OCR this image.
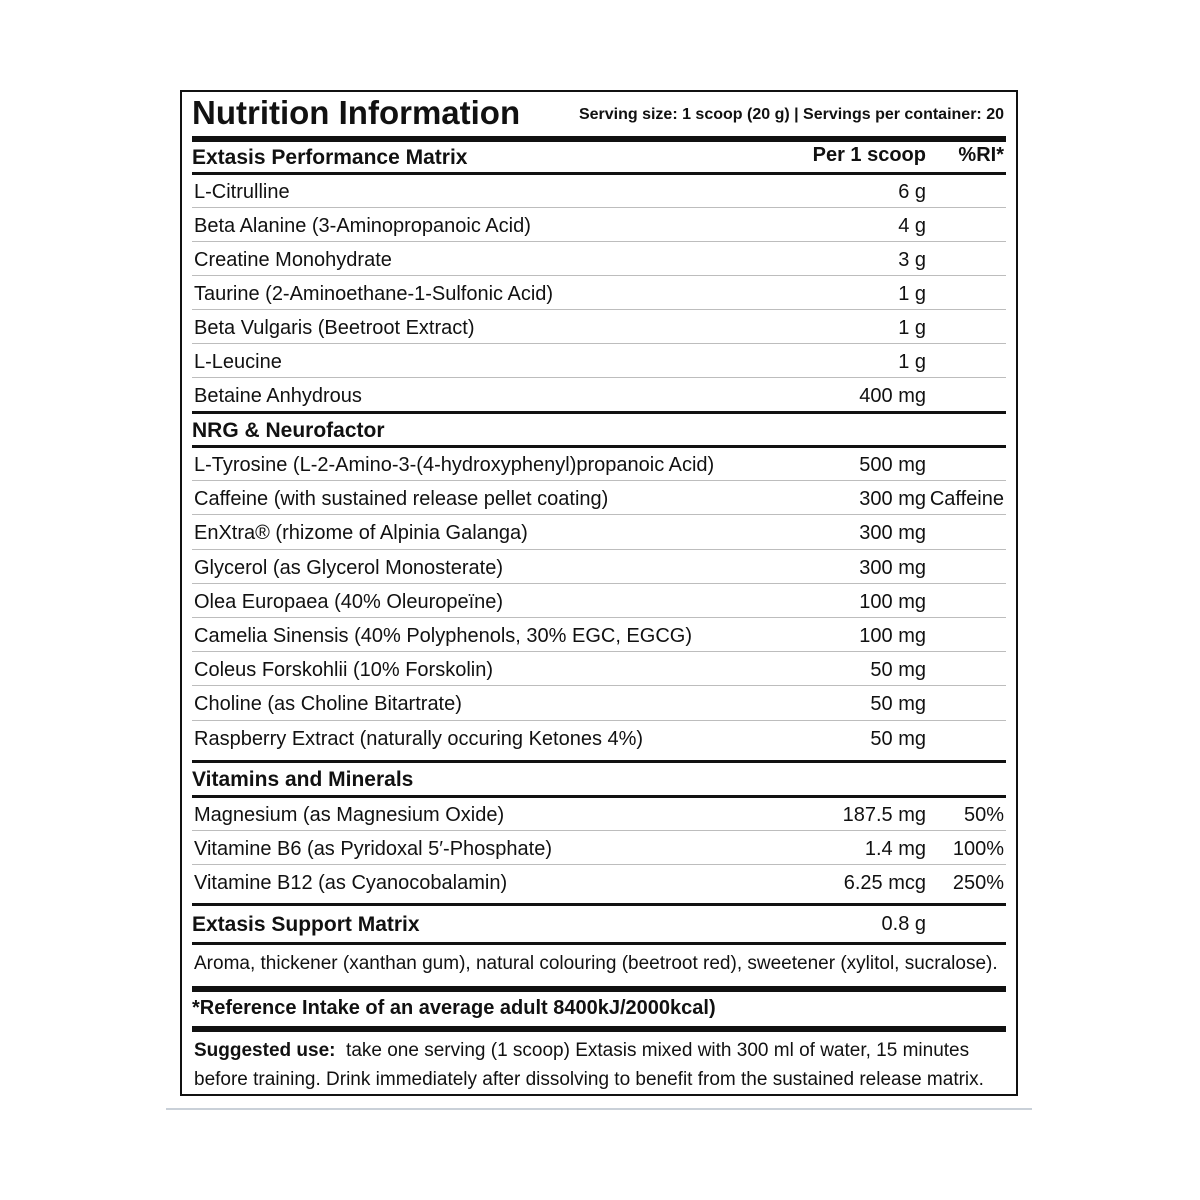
Nutrition Information	Serving size: 1 scoop (20 g) | Servings per container: 20
Extasis Performance Matrix	Per 1 scoop %RI*
L-Citrulline	6 g
Beta Alanine (3-Aminopropanoic Acid)	4 g
Creatine Monohydrate	3 g
Taurine (2-Aminoethane-1-Sulfonic Acid)	1 g
Beta Vulgaris (Beetroot Extract)	1 g
L-Leucine	1 g
Betaine Anhydrous	400 mg
NRG & Neurofactor
L-Tyrosine (L-2-Amino-3-(4-hydroxyphenyl)propanoic Acid)	500 mg
Caffeine (with sustained release pellet coating)	300 mg Caffeine
EnXtra® (rhizome of Alpinia Galanga)	300 mg
Glycerol (as Glycerol Monosterate)	300 mg
Olea Europaea (40% Oleuropeïne)	100 mg
Camelia Sinensis (40% Polyphenols, 30% EGC, EGCG)	100 mg
Coleus Forskohlii (10% Forskolin)	50 mg
Choline (as Choline Bitartrate)	50 mg
Raspberry Extract (naturally occuring Ketones 4%)	50 mg
Vitamins and Minerals
Magnesium (as Magnesium Oxide)	187.5 mg 50%
Vitamine B6 (as Pyridoxal 5′-Phosphate)	1.4 mg 100%
Vitamine B12 (as Cyanocobalamin)	6.25 mcg 250%
Extasis Support Matrix	0.8 g
Aroma, thickener (xanthan gum), natural colouring (beetroot red), sweetener (xylitol, sucralose).
*Reference Intake of an average adult 8400kJ/2000kcal)
Suggested use: take one serving (1 scoop) Extasis mixed with 300 ml of water, 15 minutes before training. Drink immediately after dissolving to benefit from the sustained release matrix.
